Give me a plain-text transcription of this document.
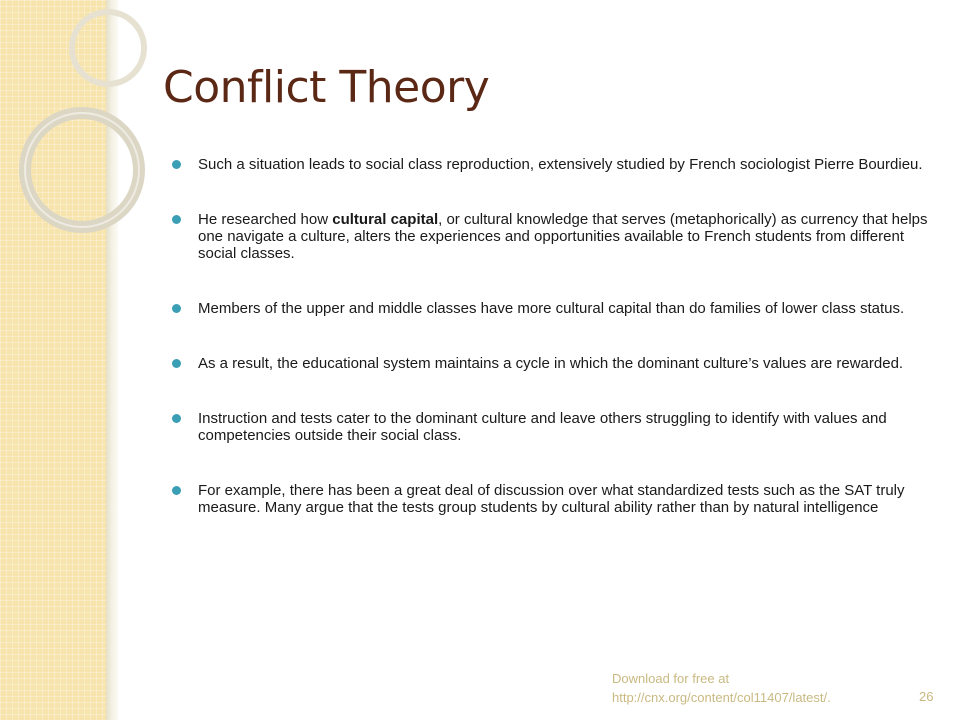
Conflict Theory
Such a situation leads to social class reproduction, extensively studied by French sociologist Pierre Bourdieu.
He researched how cultural capital, or cultural knowledge that serves (metaphorically) as currency that helps one navigate a culture, alters the experiences and opportunities available to French students from different social classes.
Members of the upper and middle classes have more cultural capital than do families of lower class status.
As a result, the educational system maintains a cycle in which the dominant culture’s values are rewarded.
Instruction and tests cater to the dominant culture and leave others struggling to identify with values and competencies outside their social class.
For example, there has been a great deal of discussion over what standardized tests such as the SAT truly measure. Many argue that the tests group students by cultural ability rather than by natural intelligence
Download for free at
http://cnx.org/content/col11407/latest/.	26
